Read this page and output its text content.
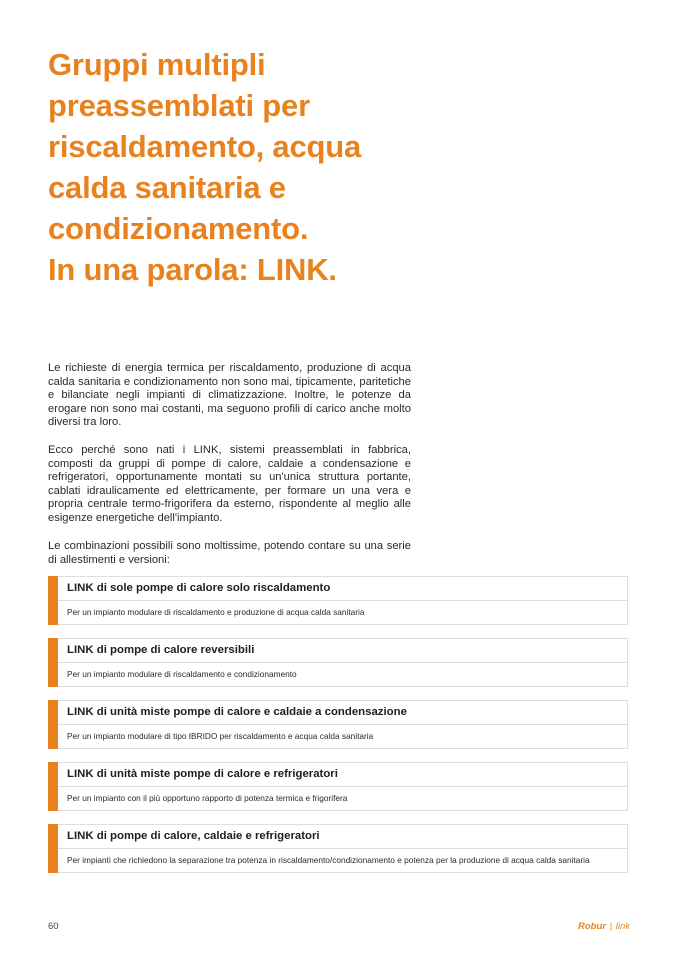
Gruppi multipli
preassemblati per
riscaldamento, acqua
calda sanitaria e
condizionamento.
In una parola: LINK.

Le richieste di energia termica per riscaldamento, produzione di acqua calda sanitaria e condizionamento non sono mai, tipicamente, paritetiche e bilanciate negli impianti di climatizzazione. Inoltre, le potenze da erogare non sono mai costanti, ma seguono profili di carico anche molto diversi tra loro.

Ecco perché sono nati i LINK, sistemi preassemblati in fabbrica, composti da gruppi di pompe di calore, caldaie a condensazione e refrigeratori, opportunamente montati su un'unica struttura portante, cablati idraulicamente ed elettricamente, per formare un una vera e propria centrale termo-frigorifera da esterno, rispondente al meglio alle esigenze energetiche dell'impianto.

Le combinazioni possibili sono moltissime, potendo contare su una serie di allestimenti e versioni:

LINK di sole pompe di calore solo riscaldamento
Per un impianto modulare di riscaldamento e produzione di acqua calda sanitaria
LINK di pompe di calore reversibili
Per un impianto modulare di riscaldamento e condizionamento
LINK di unità miste pompe di calore e caldaie a condensazione
Per un impianto modulare di tipo IBRIDO per riscaldamento e acqua calda sanitaria
LINK di unità miste pompe di calore e refrigeratori
Per un impianto con il più opportuno rapporto di potenza termica e frigorifera
LINK di pompe di calore, caldaie e refrigeratori
Per impianti che richiedono la separazione tra potenza in riscaldamento/condizionamento e potenza per la produzione di acqua calda sanitaria
60	Robur | link
